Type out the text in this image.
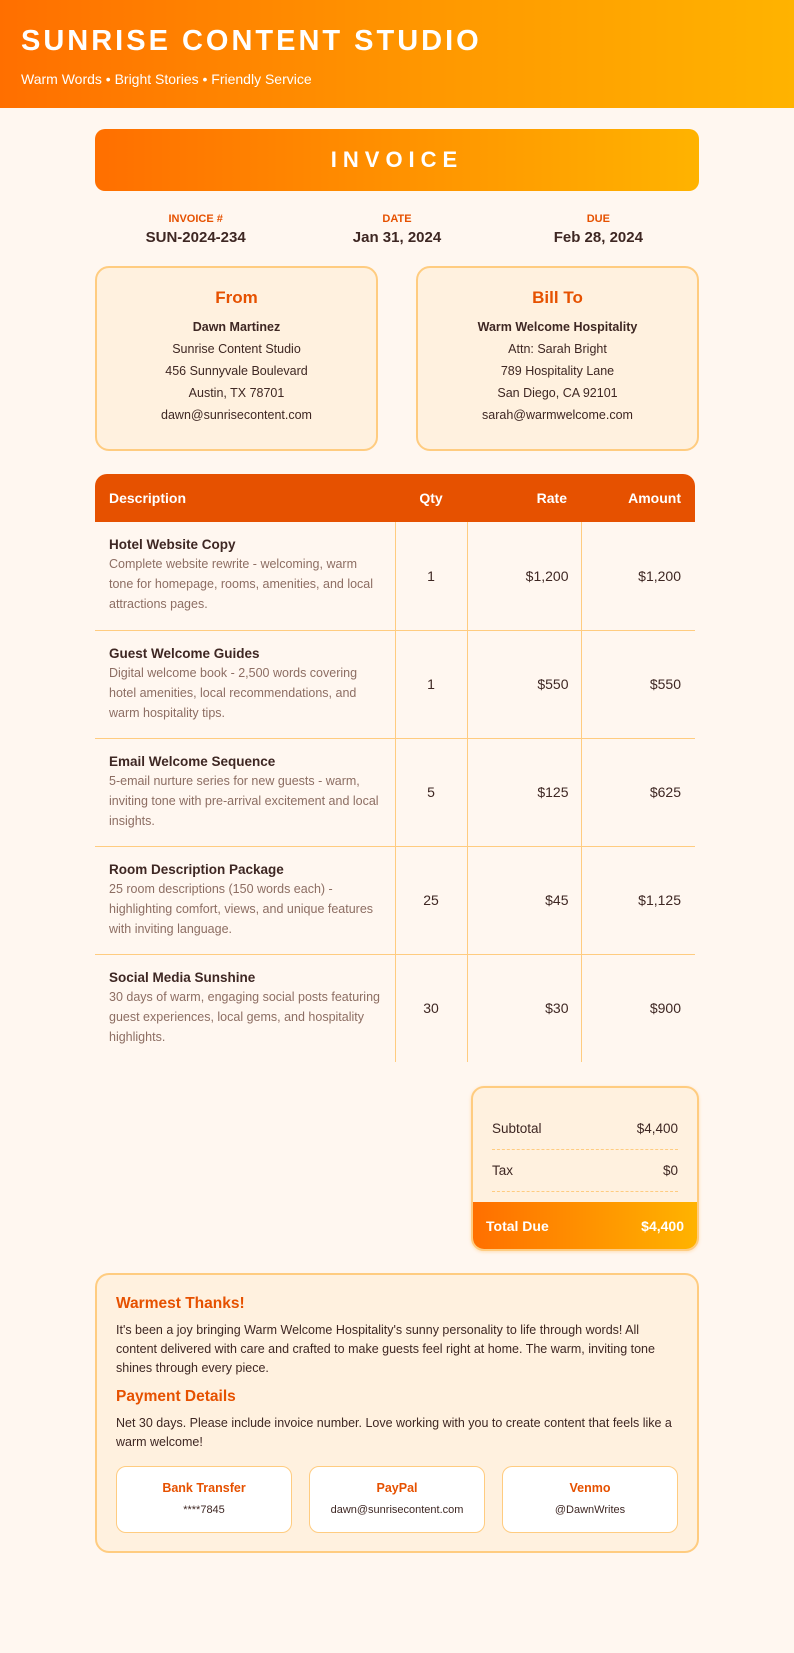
SUNRISE CONTENT STUDIO
Warm Words • Bright Stories • Friendly Service
INVOICE
INVOICE #
SUN-2024-234
DATE
Jan 31, 2024
DUE
Feb 28, 2024
From
Dawn Martinez
Sunrise Content Studio
456 Sunnyvale Boulevard
Austin, TX 78701
dawn@sunrisecontent.com
Bill To
Warm Welcome Hospitality
Attn: Sarah Bright
789 Hospitality Lane
San Diego, CA 92101
sarah@warmwelcome.com
Description	Qty	Rate	Amount

Hotel Website Copy
Complete website rewrite - welcoming, warm tone for homepage, rooms, amenities, and local attractions pages.	1	$1,200	$1,200

Guest Welcome Guides
Digital welcome book - 2,500 words covering hotel amenities, local recommendations, and warm hospitality tips.	1	$550	$550

Email Welcome Sequence
5-email nurture series for new guests - warm, inviting tone with pre-arrival excitement and local insights.	5	$125	$625

Room Description Package
25 room descriptions (150 words each) - highlighting comfort, views, and unique features with inviting language.	25	$45	$1,125

Social Media Sunshine
30 days of warm, engaging social posts featuring guest experiences, local gems, and hospitality highlights.	30	$30	$900
Subtotal	$4,400
Tax	$0
Total Due	$4,400
Warmest Thanks!

It's been a joy bringing Warm Welcome Hospitality's sunny personality to life through words! All content delivered with care and crafted to make guests feel right at home. The warm, inviting tone shines through every piece.

Payment Details

Net 30 days. Please include invoice number. Love working with you to create content that feels like a warm welcome!

Bank Transfer
****7845
PayPal
dawn@sunrisecontent.com
Venmo
@DawnWrites
